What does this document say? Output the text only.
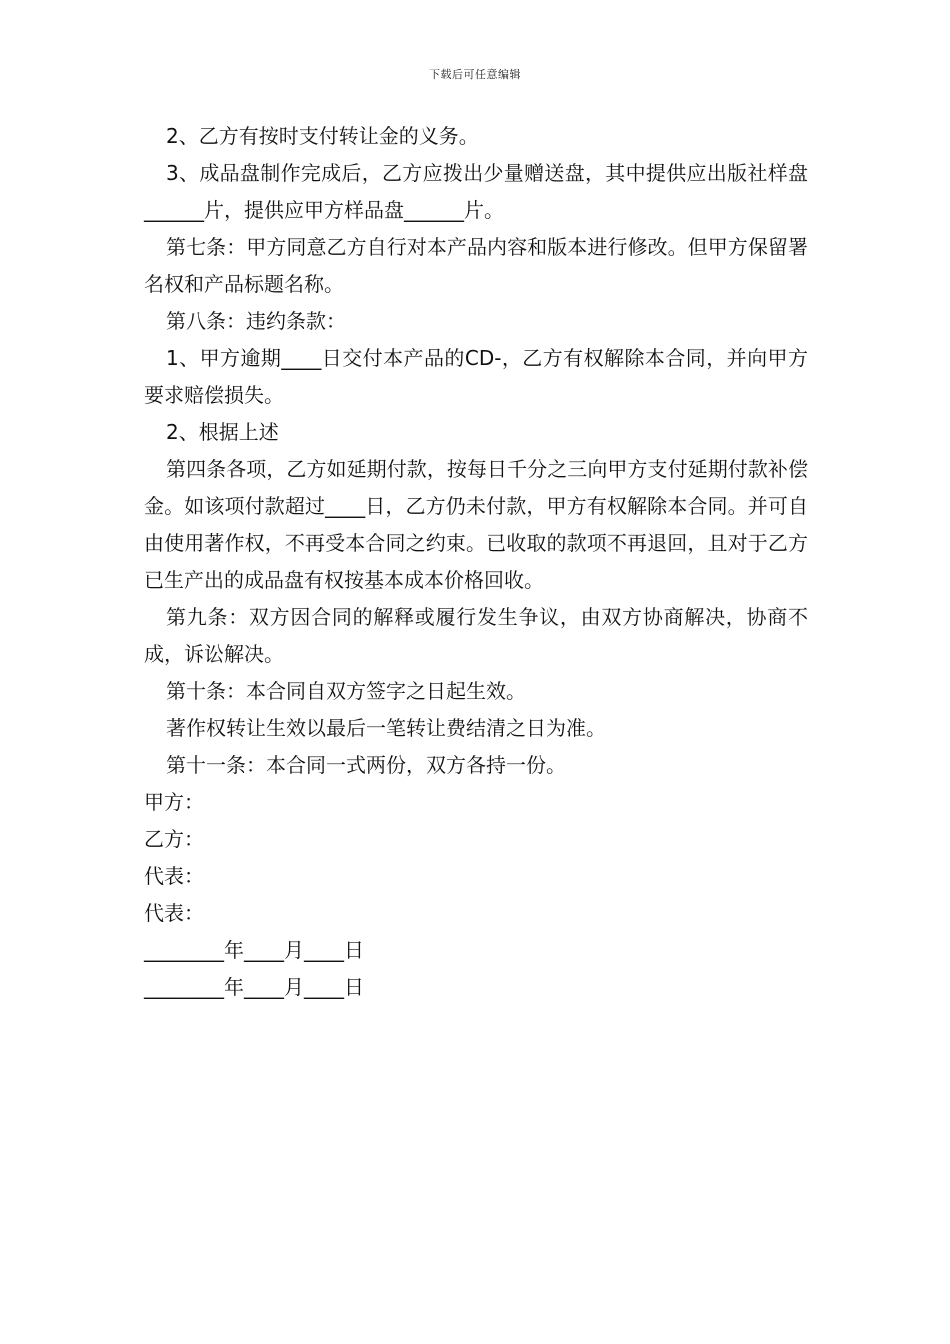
下载后可任意编辑

2、乙方有按时支付转让金的义务。

3、成品盘制作完成后，乙方应拨出少量赠送盘，其中提供应出版社样盘______片，提供应甲方样品盘______片。

第七条：甲方同意乙方自行对本产品内容和版本进行修改。但甲方保留署名权和产品标题名称。

第八条：违约条款：

1、甲方逾期____日交付本产品的CD-，乙方有权解除本合同，并向甲方要求赔偿损失。

2、根据上述

第四条各项，乙方如延期付款，按每日千分之三向甲方支付延期付款补偿金。如该项付款超过____日，乙方仍未付款，甲方有权解除本合同。并可自由使用著作权，不再受本合同之约束。已收取的款项不再退回，且对于乙方已生产出的成品盘有权按基本成本价格回收。

第九条：双方因合同的解释或履行发生争议，由双方协商解决，协商不成，诉讼解决。

第十条：本合同自双方签字之日起生效。

著作权转让生效以最后一笔转让费结清之日为准。

第十一条：本合同一式两份，双方各持一份。

甲方：

乙方：

代表：

代表：

________年____月____日

________年____月____日
